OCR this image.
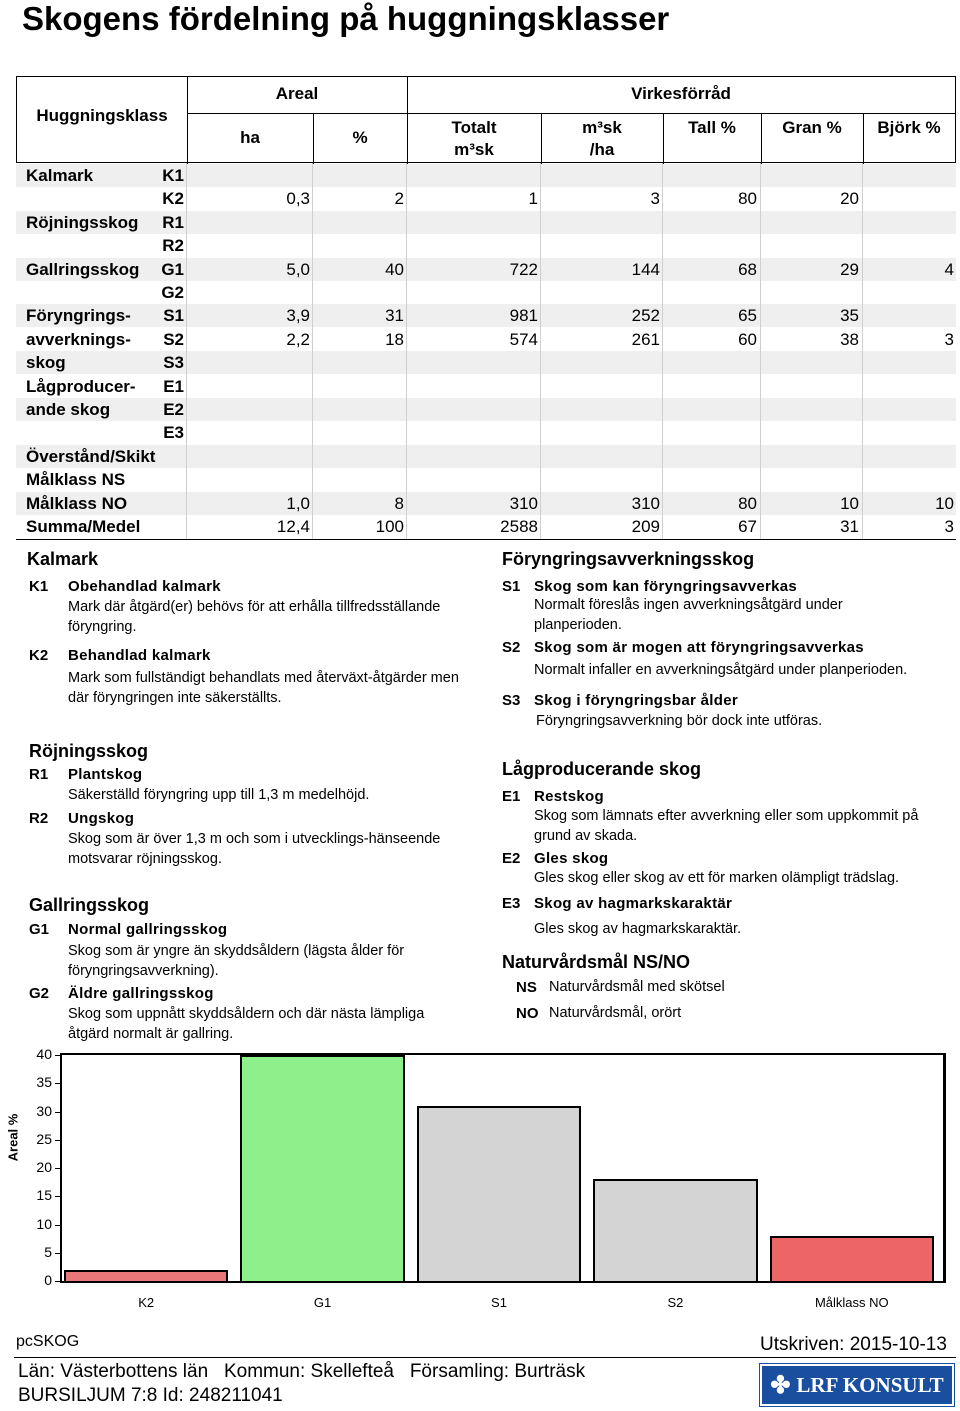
Skogens fördelning på huggningsklasser
Huggningsklass
Areal	Virkesförråd
ha	%
Totalt
m³sk
m³sk
/ha
Tall %	Gran %	Björk %
Kalmark	K1
K2	0,3	2	1	3	80	20
Röjningsskog	R1
R2
Gallringsskog	G1	5,0	40	722	144	68	29	4
G2
Föryngrings-	S1	3,9	31	981	252	65	35
avverknings-	S2	2,2	18	574	261	60	38	3
skog	S3
Lågproducer-	E1
ande skog	E2
E3
Överstånd/Skikt
Målklass NS
Målklass NO	1,0	8	310	310	80	10	10
Summa/Medel	12,4	100	2588	209	67	31	3
Kalmark
K1 Obehandlad kalmark
Mark där åtgärd(er) behövs för att erhålla tillfredsställande föryngring.
K2 Behandlad kalmark
Mark som fullständigt behandlats med återväxt-åtgärder men där föryngringen inte säkerställts.
Röjningsskog
R1 Plantskog
Säkerställd föryngring upp till 1,3 m medelhöjd.
R2 Ungskog
Skog som är över 1,3 m och som i utvecklings-hänseende motsvarar röjningsskog.
Gallringsskog
G1 Normal gallringsskog
Skog som är yngre än skyddsåldern (lägsta ålder för föryngringsavverkning).
G2 Äldre gallringsskog
Skog som uppnått skyddsåldern och där nästa lämpliga åtgärd normalt är gallring.
Föryngringsavverkningsskog
S1 Skog som kan föryngringsavverkas
Normalt föreslås ingen avverkningsåtgärd under planperioden.
S2 Skog som är mogen att föryngringsavverkas
Normalt infaller en avverkningsåtgärd under planperioden.
S3 Skog i föryngringsbar ålder
Föryngringsavverkning bör dock inte utföras.
Lågproducerande skog
E1 Restskog
Skog som lämnats efter avverkning eller som uppkommit på grund av skada.
E2 Gles skog
Gles skog eller skog av ett för marken olämpligt trädslag.
E3 Skog av hagmarkskaraktär
Gles skog av hagmarkskaraktär.
Naturvårdsmål NS/NO
NS Naturvårdsmål med skötsel
NO Naturvårdsmål, orört
Areal %
0
5
10
15
20
25
30
35
40
K2	G1	S1	S2	Målklass NO
pcSKOG	Utskriven: 2015-10-13
Län: Västerbottens län   Kommun: Skellefteå   Församling: Burträsk
BURSILJUM 7:8 Id: 248211041	✤ LRF KONSULT
